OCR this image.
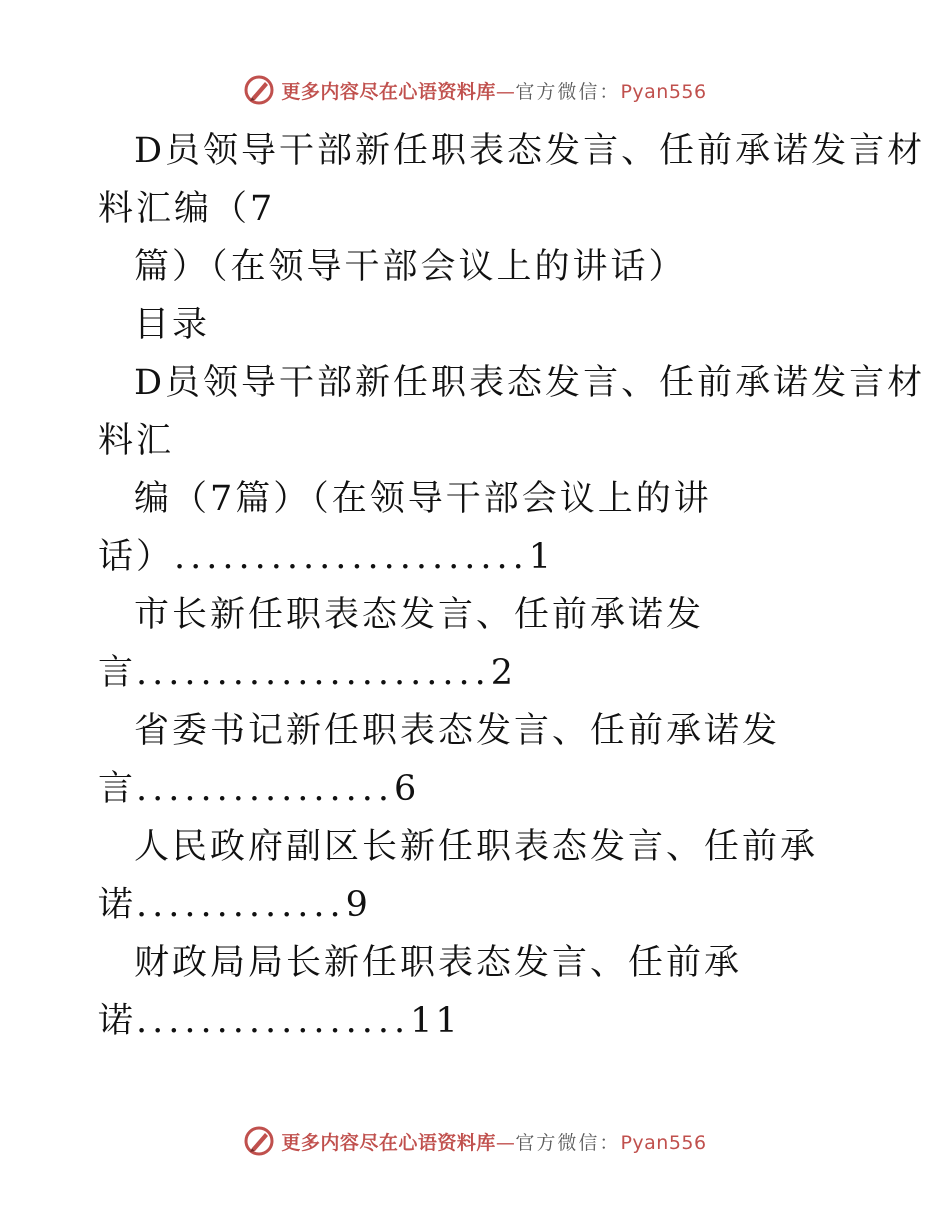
更多内容尽在心语资料库—官方微信：Pyan556
D员领导干部新任职表态发言、任前承诺发言材
料汇编（7
篇）（在领导干部会议上的讲话）
目录
D员领导干部新任职表态发言、任前承诺发言材
料汇
编（7篇）（在领导干部会议上的讲
话）......................1
市长新任职表态发言、任前承诺发
言......................2
省委书记新任职表态发言、任前承诺发
言................6
人民政府副区长新任职表态发言、任前承
诺.............9
财政局局长新任职表态发言、任前承
诺.................11
更多内容尽在心语资料库—官方微信：Pyan556
